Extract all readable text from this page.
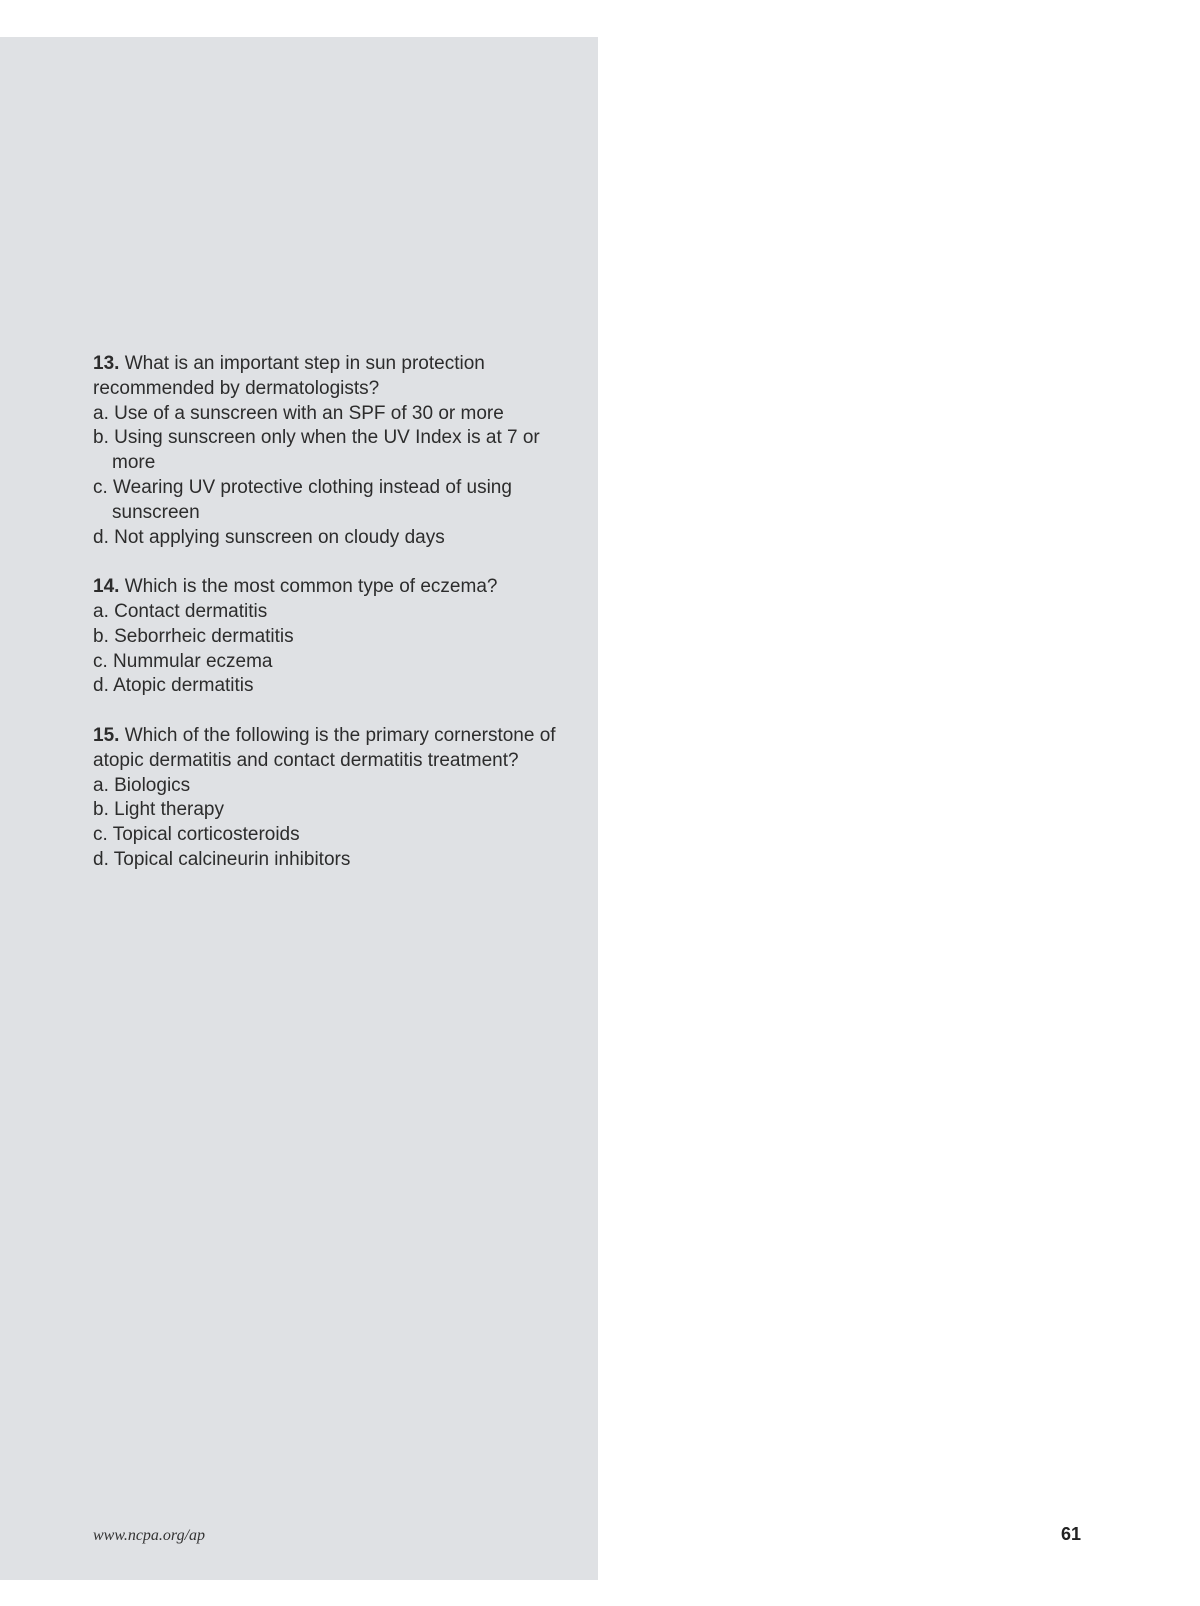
13. What is an important step in sun protection recommended by dermatologists?
a. Use of a sunscreen with an SPF of 30 or more
b. Using sunscreen only when the UV Index is at 7 or more
c. Wearing UV protective clothing instead of using sunscreen
d. Not applying sunscreen on cloudy days
14. Which is the most common type of eczema?
a. Contact dermatitis
b. Seborrheic dermatitis
c. Nummular eczema
d. Atopic dermatitis
15. Which of the following is the primary cornerstone of atopic dermatitis and contact dermatitis treatment?
a. Biologics
b. Light therapy
c. Topical corticosteroids
d. Topical calcineurin inhibitors
www.ncpa.org/ap	61
